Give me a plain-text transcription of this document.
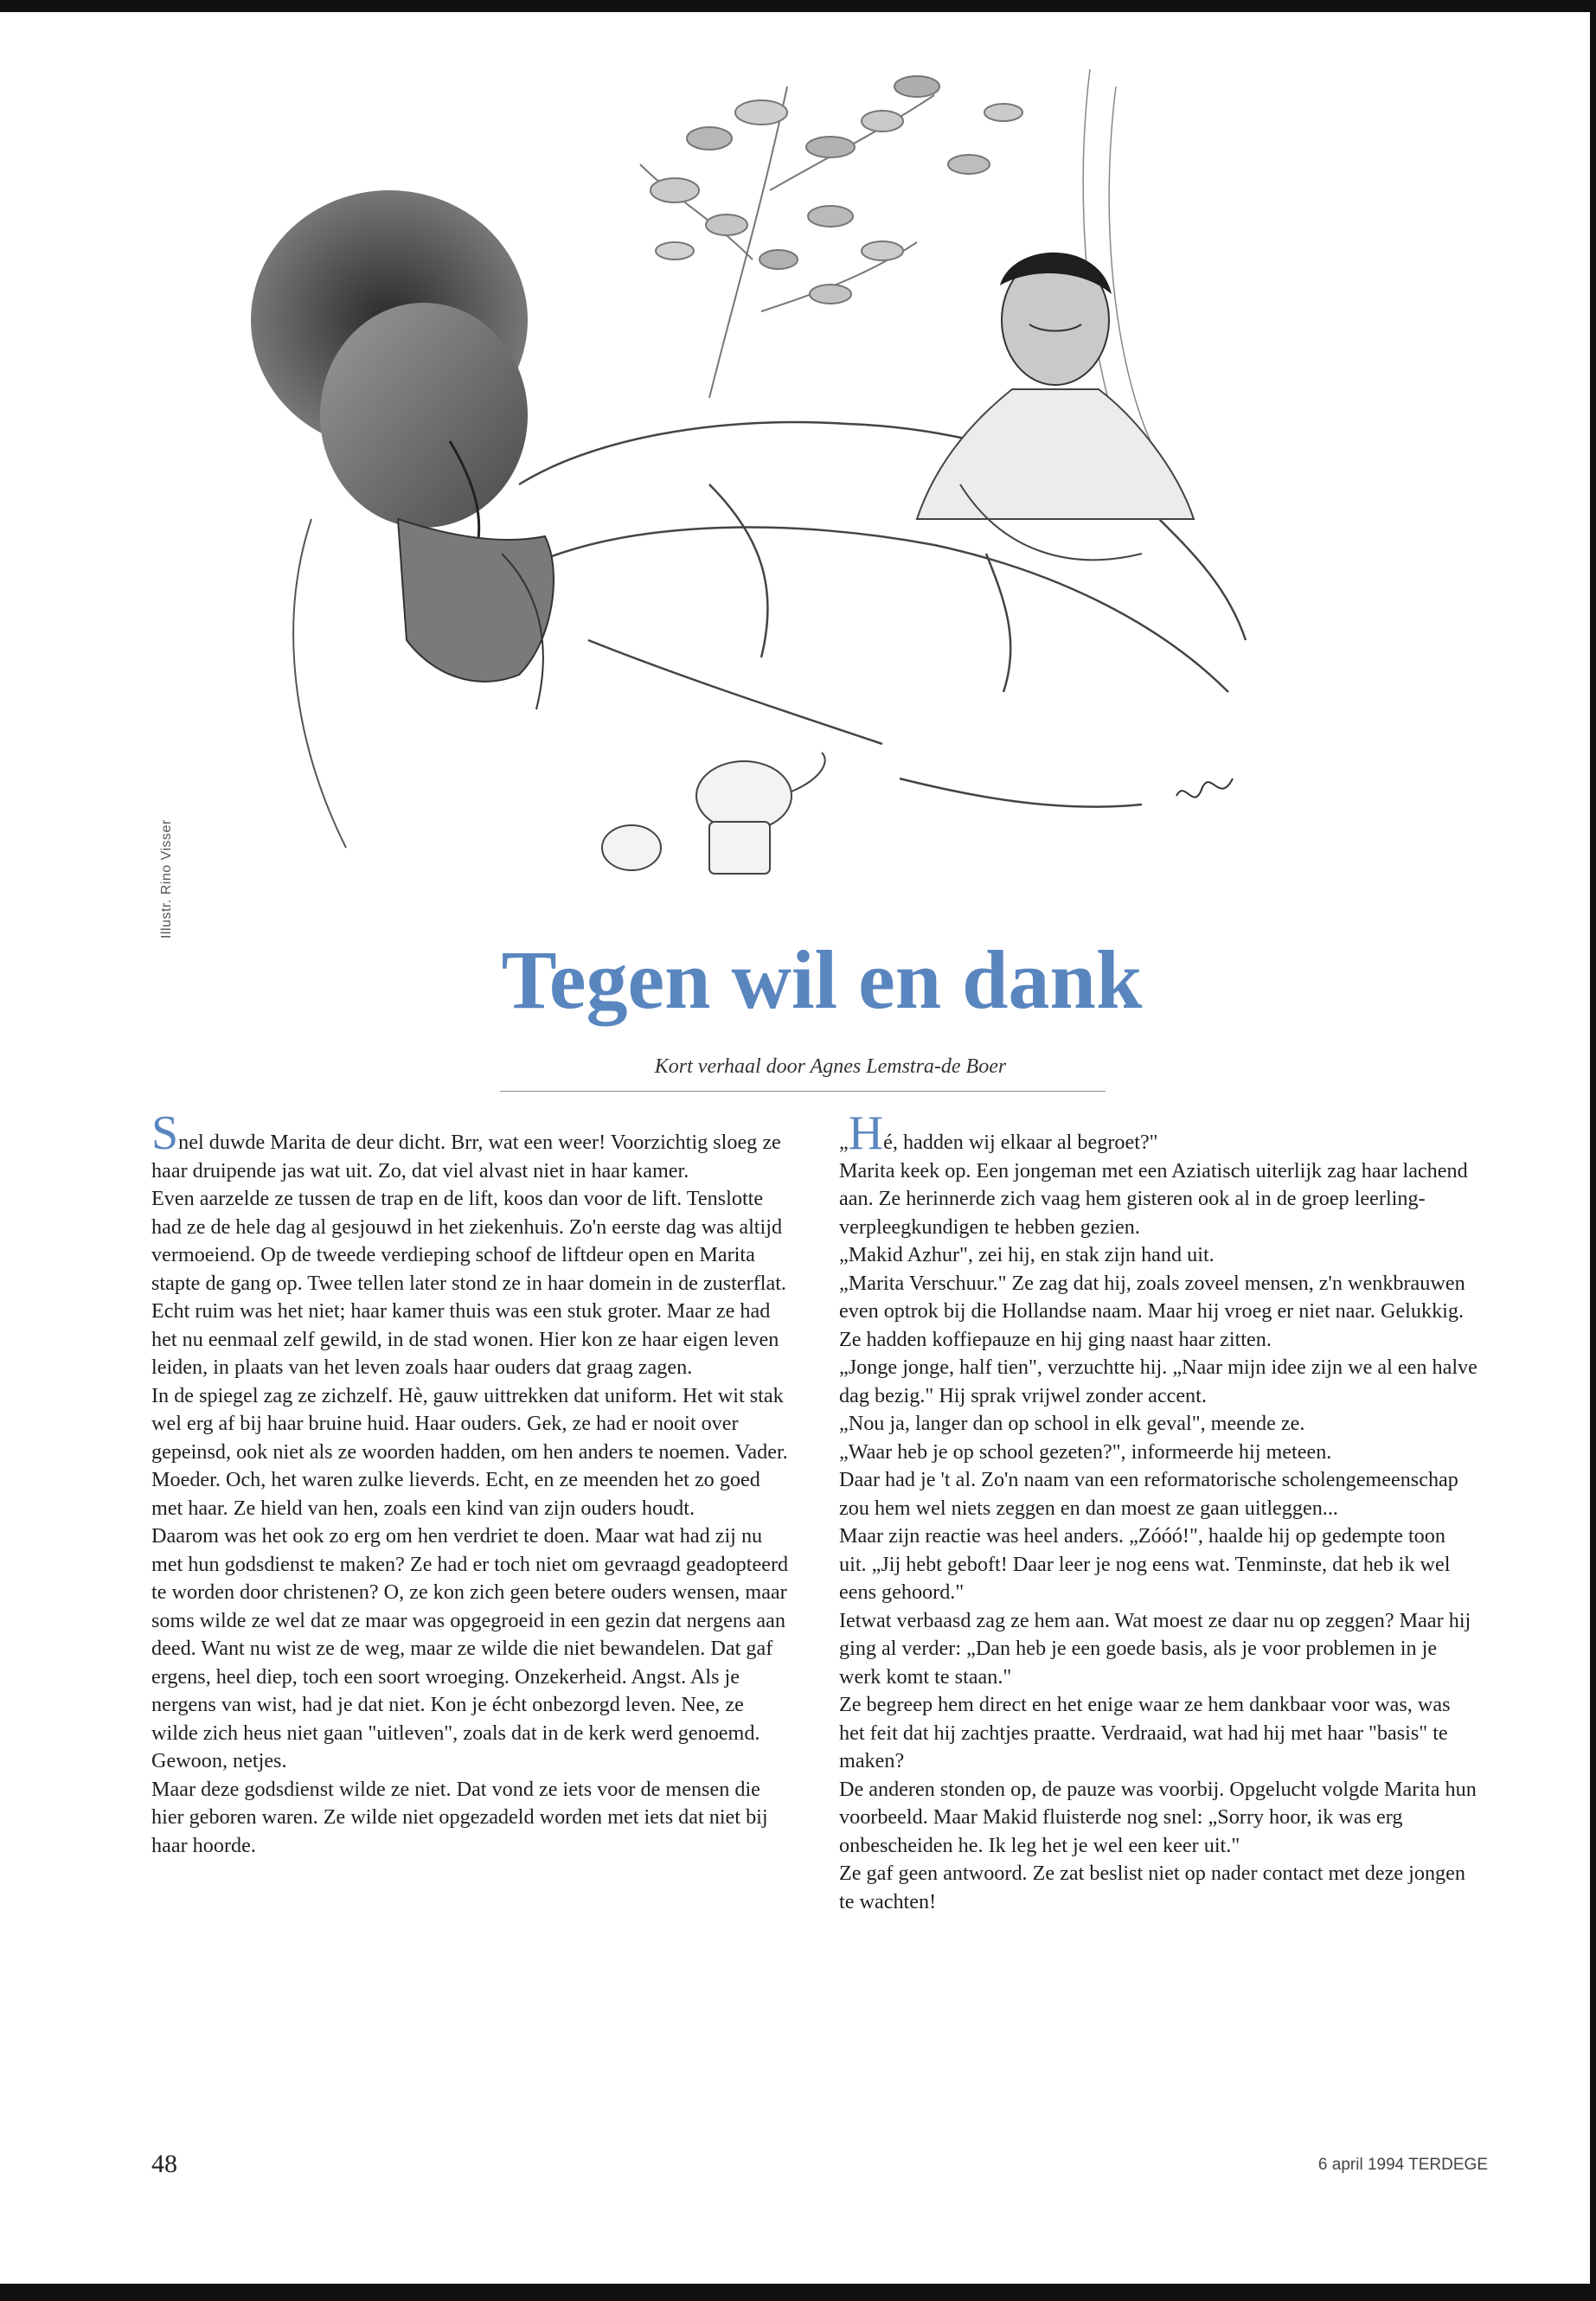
Illustr. Rino Visser
Tegen wil en dank
Kort verhaal door Agnes Lemstra-de Boer

Snel duwde Marita de deur dicht. Brr, wat een weer! Voorzichtig sloeg ze haar druipende jas wat uit. Zo, dat viel alvast niet in haar kamer.

Even aarzelde ze tussen de trap en de lift, koos dan voor de lift. Tenslotte had ze de hele dag al gesjouwd in het ziekenhuis. Zo'n eerste dag was altijd vermoeiend. Op de tweede verdieping schoof de liftdeur open en Marita stapte de gang op. Twee tellen later stond ze in haar domein in de zusterflat. Echt ruim was het niet; haar kamer thuis was een stuk groter. Maar ze had het nu eenmaal zelf gewild, in de stad wonen. Hier kon ze haar eigen leven leiden, in plaats van het leven zoals haar ouders dat graag zagen.

In de spiegel zag ze zichzelf. Hè, gauw uittrekken dat uniform. Het wit stak wel erg af bij haar bruine huid. Haar ouders. Gek, ze had er nooit over gepeinsd, ook niet als ze woorden hadden, om hen anders te noemen. Vader. Moeder. Och, het waren zulke lieverds. Echt, en ze meenden het zo goed met haar. Ze hield van hen, zoals een kind van zijn ouders houdt.

Daarom was het ook zo erg om hen verdriet te doen. Maar wat had zij nu met hun godsdienst te maken? Ze had er toch niet om gevraagd geadopteerd te worden door christenen? O, ze kon zich geen betere ouders wensen, maar soms wilde ze wel dat ze maar was opgegroeid in een gezin dat nergens aan deed. Want nu wist ze de weg, maar ze wilde die niet bewandelen. Dat gaf ergens, heel diep, toch een soort wroeging. Onzekerheid. Angst. Als je nergens van wist, had je dat niet. Kon je écht onbezorgd leven. Nee, ze wilde zich heus niet gaan "uitleven", zoals dat in de kerk werd genoemd. Gewoon, netjes.

Maar deze godsdienst wilde ze niet. Dat vond ze iets voor de mensen die hier geboren waren. Ze wilde niet opgezadeld worden met iets dat niet bij haar hoorde.

„Hé, hadden wij elkaar al begroet?"

Marita keek op. Een jongeman met een Aziatisch uiterlijk zag haar lachend aan. Ze herinnerde zich vaag hem gisteren ook al in de groep leerling-verpleegkundigen te hebben gezien.

„Makid Azhur", zei hij, en stak zijn hand uit.

„Marita Verschuur." Ze zag dat hij, zoals zoveel mensen, z'n wenkbrauwen even optrok bij die Hollandse naam. Maar hij vroeg er niet naar. Gelukkig.

Ze hadden koffiepauze en hij ging naast haar zitten.

„Jonge jonge, half tien", verzuchtte hij. „Naar mijn idee zijn we al een halve dag bezig." Hij sprak vrijwel zonder accent.

„Nou ja, langer dan op school in elk geval", meende ze.

„Waar heb je op school gezeten?", informeerde hij meteen.

Daar had je 't al. Zo'n naam van een reformatorische scholengemeenschap zou hem wel niets zeggen en dan moest ze gaan uitleggen...

Maar zijn reactie was heel anders. „Zóóó!", haalde hij op gedempte toon uit. „Jij hebt geboft! Daar leer je nog eens wat. Tenminste, dat heb ik wel eens gehoord."

Ietwat verbaasd zag ze hem aan. Wat moest ze daar nu op zeggen? Maar hij ging al verder: „Dan heb je een goede basis, als je voor problemen in je werk komt te staan."

Ze begreep hem direct en het enige waar ze hem dankbaar voor was, was het feit dat hij zachtjes praatte. Verdraaid, wat had hij met haar "basis" te maken?

De anderen stonden op, de pauze was voorbij. Opgelucht volgde Marita hun voorbeeld. Maar Makid fluisterde nog snel: „Sorry hoor, ik was erg onbescheiden he. Ik leg het je wel een keer uit."

Ze gaf geen antwoord. Ze zat beslist niet op nader contact met deze jongen te wachten!

48	6 april 1994 TERDEGE
